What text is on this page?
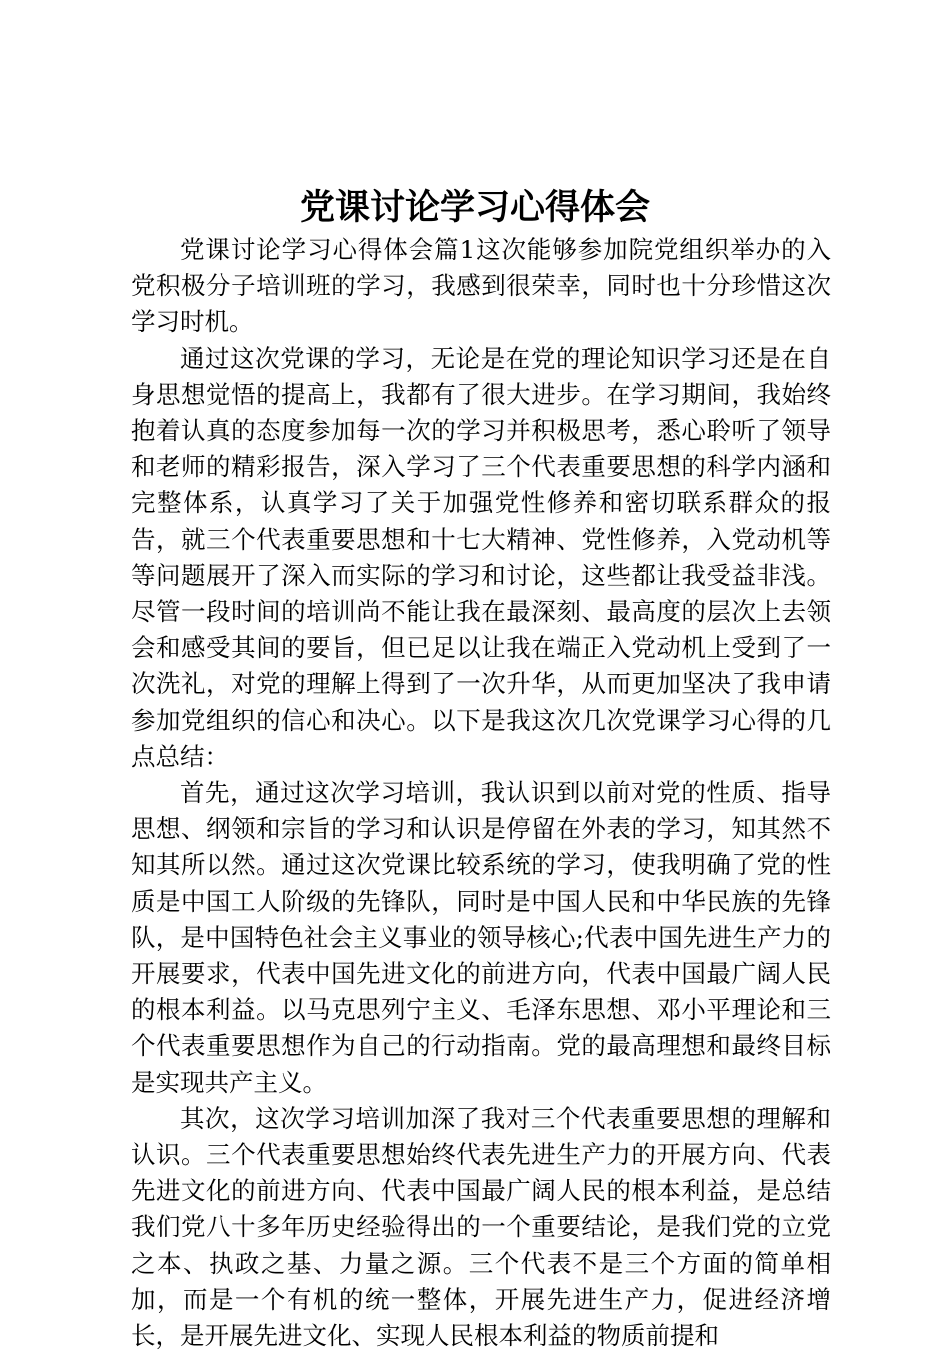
党课讨论学习心得体会

党课讨论学习心得体会篇1这次能够参加院党组织举办的入党积极分子培训班的学习，我感到很荣幸，同时也十分珍惜这次学习时机。

通过这次党课的学习，无论是在党的理论知识学习还是在自身思想觉悟的提高上，我都有了很大进步。在学习期间，我始终抱着认真的态度参加每一次的学习并积极思考，悉心聆听了领导和老师的精彩报告，深入学习了三个代表重要思想的科学内涵和完整体系，认真学习了关于加强党性修养和密切联系群众的报告，就三个代表重要思想和十七大精神、党性修养，入党动机等等问题展开了深入而实际的学习和讨论，这些都让我受益非浅。尽管一段时间的培训尚不能让我在最深刻、最高度的层次上去领会和感受其间的要旨，但已足以让我在端正入党动机上受到了一次洗礼，对党的理解上得到了一次升华，从而更加坚决了我申请参加党组织的信心和决心。以下是我这次几次党课学习心得的几点总结：

首先，通过这次学习培训，我认识到以前对党的性质、指导思想、纲领和宗旨的学习和认识是停留在外表的学习，知其然不知其所以然。通过这次党课比较系统的学习，使我明确了党的性质是中国工人阶级的先锋队，同时是中国人民和中华民族的先锋队，是中国特色社会主义事业的领导核心;代表中国先进生产力的开展要求，代表中国先进文化的前进方向，代表中国最广阔人民的根本利益。以马克思列宁主义、毛泽东思想、邓小平理论和三个代表重要思想作为自己的行动指南。党的最高理想和最终目标是实现共产主义。

其次，这次学习培训加深了我对三个代表重要思想的理解和认识。三个代表重要思想始终代表先进生产力的开展方向、代表先进文化的前进方向、代表中国最广阔人民的根本利益，是总结我们党八十多年历史经验得出的一个重要结论，是我们党的立党之本、执政之基、力量之源。三个代表不是三个方面的简单相加，而是一个有机的统一整体，开展先进生产力，促进经济增长，是开展先进文化、实现人民根本利益的物质前提和
